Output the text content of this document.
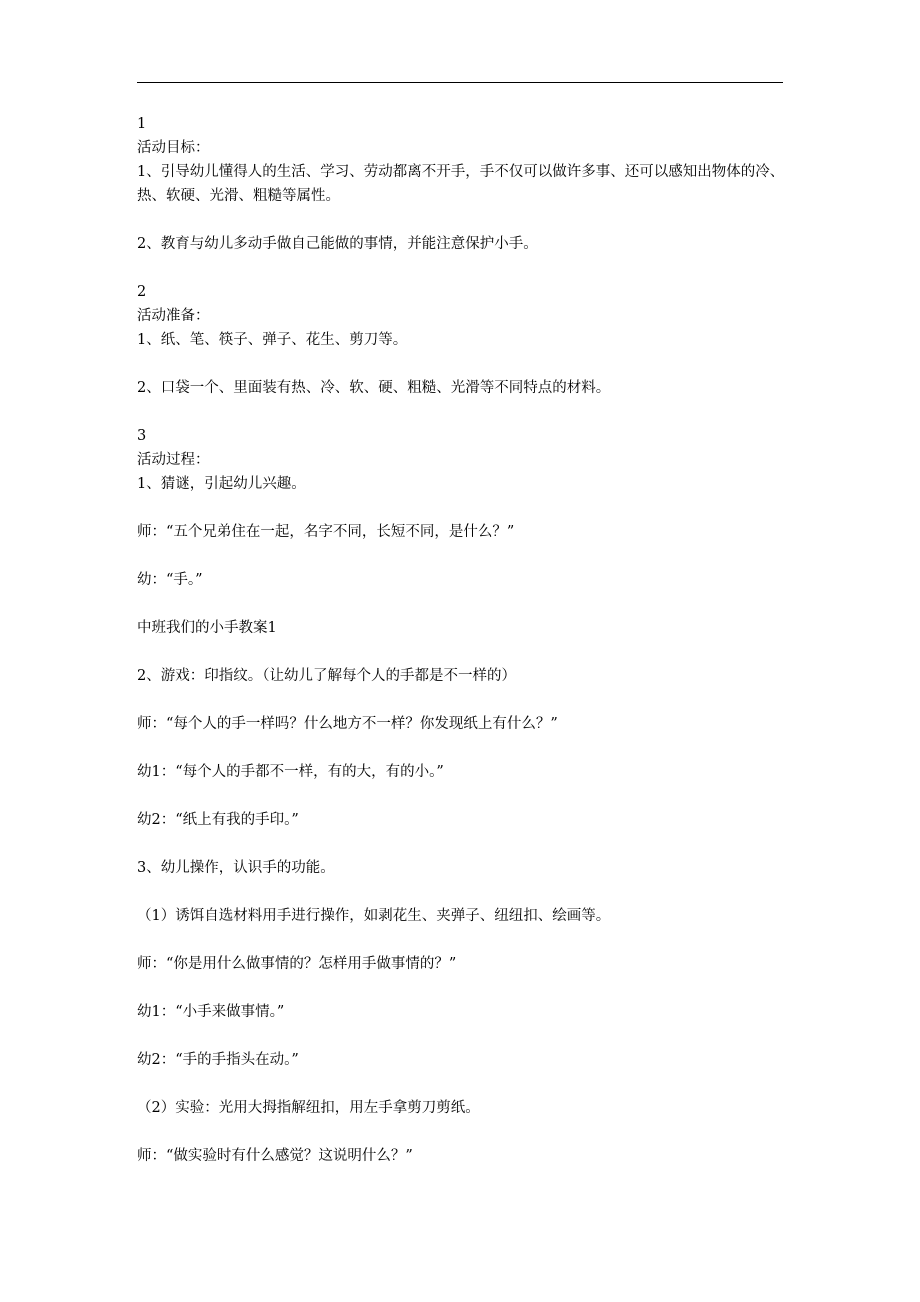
1

活动目标：

1、引导幼儿懂得人的生活、学习、劳动都离不开手，手不仅可以做许多事、还可以感知出物体的冷、热、软硬、光滑、粗糙等属性。

2、教育与幼儿多动手做自己能做的事情，并能注意保护小手。

2

活动准备：

1、纸、笔、筷子、弹子、花生、剪刀等。

2、口袋一个、里面装有热、冷、软、硬、粗糙、光滑等不同特点的材料。

3

活动过程：

1、猜谜，引起幼儿兴趣。

师：“五个兄弟住在一起，名字不同，长短不同，是什么？”

幼：“手。”

中班我们的小手教案1

2、游戏：印指纹。（让幼儿了解每个人的手都是不一样的）

师：“每个人的手一样吗？什么地方不一样？你发现纸上有什么？”

幼1：“每个人的手都不一样，有的大，有的小。”

幼2：“纸上有我的手印。”

3、幼儿操作，认识手的功能。

（1）诱饵自选材料用手进行操作，如剥花生、夹弹子、纽纽扣、绘画等。

师：“你是用什么做事情的？怎样用手做事情的？”

幼1：“小手来做事情。”

幼2：“手的手指头在动。”

（2）实验：光用大拇指解纽扣，用左手拿剪刀剪纸。

师：“做实验时有什么感觉？这说明什么？”
